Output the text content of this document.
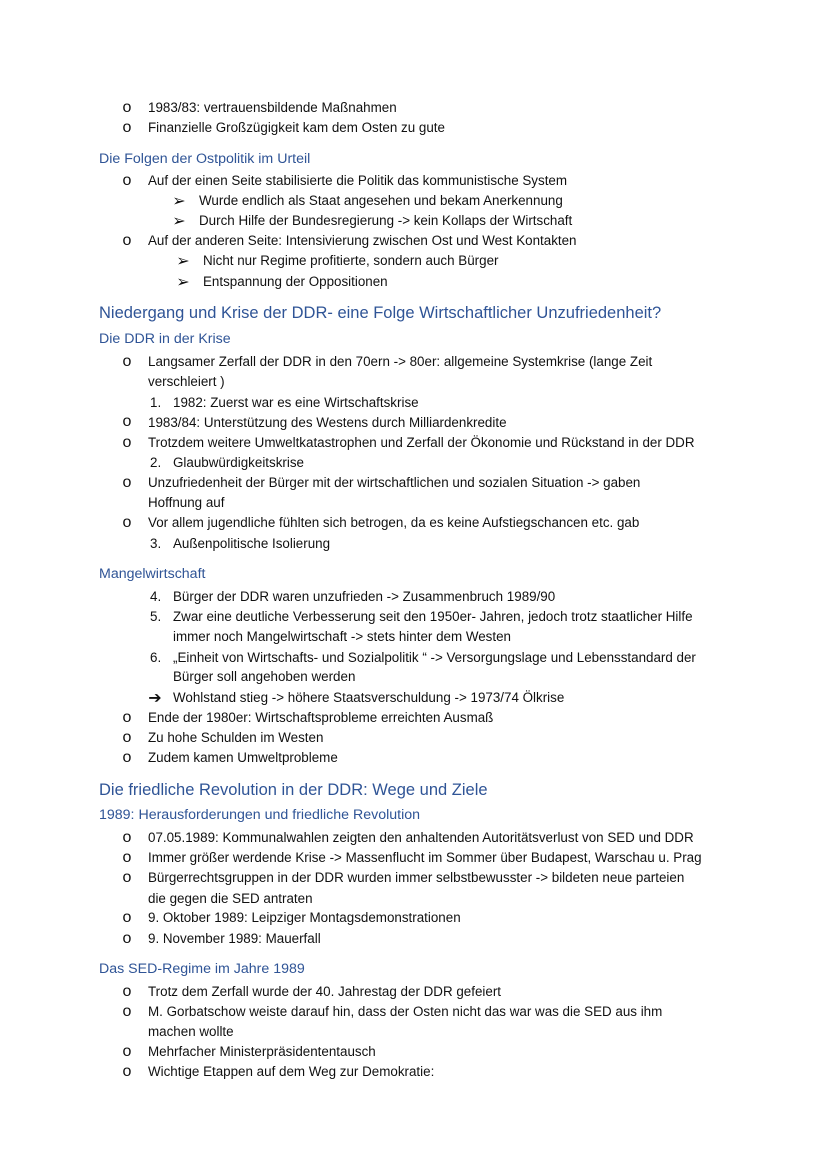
o 1983/83: vertrauensbildende Maßnahmen
o Finanzielle Großzügigkeit kam dem Osten zu gute
Die Folgen der Ostpolitik im Urteil
o Auf der einen Seite stabilisierte die Politik das kommunistische System
➢ Wurde endlich als Staat angesehen und bekam Anerkennung
➢ Durch Hilfe der Bundesregierung -> kein Kollaps der Wirtschaft
o Auf der anderen Seite: Intensivierung zwischen Ost und West Kontakten
➢ Nicht nur Regime profitierte, sondern auch Bürger
➢ Entspannung der Oppositionen
Niedergang und Krise der DDR- eine Folge Wirtschaftlicher Unzufriedenheit?
Die DDR in der Krise
o Langsamer Zerfall der DDR in den 70ern -> 80er: allgemeine Systemkrise (lange Zeit
verschleiert )
1. 1982: Zuerst war es eine Wirtschaftskrise
o 1983/84: Unterstützung des Westens durch Milliardenkredite
o Trotzdem weitere Umweltkatastrophen und Zerfall der Ökonomie und Rückstand in der DDR
2. Glaubwürdigkeitskrise
o Unzufriedenheit der Bürger mit der wirtschaftlichen und sozialen Situation -> gaben
Hoffnung auf
o Vor allem jugendliche fühlten sich betrogen, da es keine Aufstiegschancen etc. gab
3. Außenpolitische Isolierung
Mangelwirtschaft
4. Bürger der DDR waren unzufrieden -> Zusammenbruch 1989/90
5. Zwar eine deutliche Verbesserung seit den 1950er- Jahren, jedoch trotz staatlicher Hilfe
immer noch Mangelwirtschaft -> stets hinter dem Westen
6. „Einheit von Wirtschafts- und Sozialpolitik “ -> Versorgungslage und Lebensstandard der
Bürger soll angehoben werden
➔ Wohlstand stieg -> höhere Staatsverschuldung -> 1973/74 Ölkrise
o Ende der 1980er: Wirtschaftsprobleme erreichten Ausmaß
o Zu hohe Schulden im Westen
o Zudem kamen Umweltprobleme
Die friedliche Revolution in der DDR: Wege und Ziele
1989: Herausforderungen und friedliche Revolution
o 07.05.1989: Kommunalwahlen zeigten den anhaltenden Autoritätsverlust von SED und DDR
o Immer größer werdende Krise -> Massenflucht im Sommer über Budapest, Warschau u. Prag
o Bürgerrechtsgruppen in der DDR wurden immer selbstbewusster -> bildeten neue parteien
die gegen die SED antraten
o 9. Oktober 1989: Leipziger Montagsdemonstrationen
o 9. November 1989: Mauerfall
Das SED-Regime im Jahre 1989
o Trotz dem Zerfall wurde der 40. Jahrestag der DDR gefeiert
o M. Gorbatschow weiste darauf hin, dass der Osten nicht das war was die SED aus ihm
machen wollte
o Mehrfacher Ministerpräsidententausch
o Wichtige Etappen auf dem Weg zur Demokratie:
